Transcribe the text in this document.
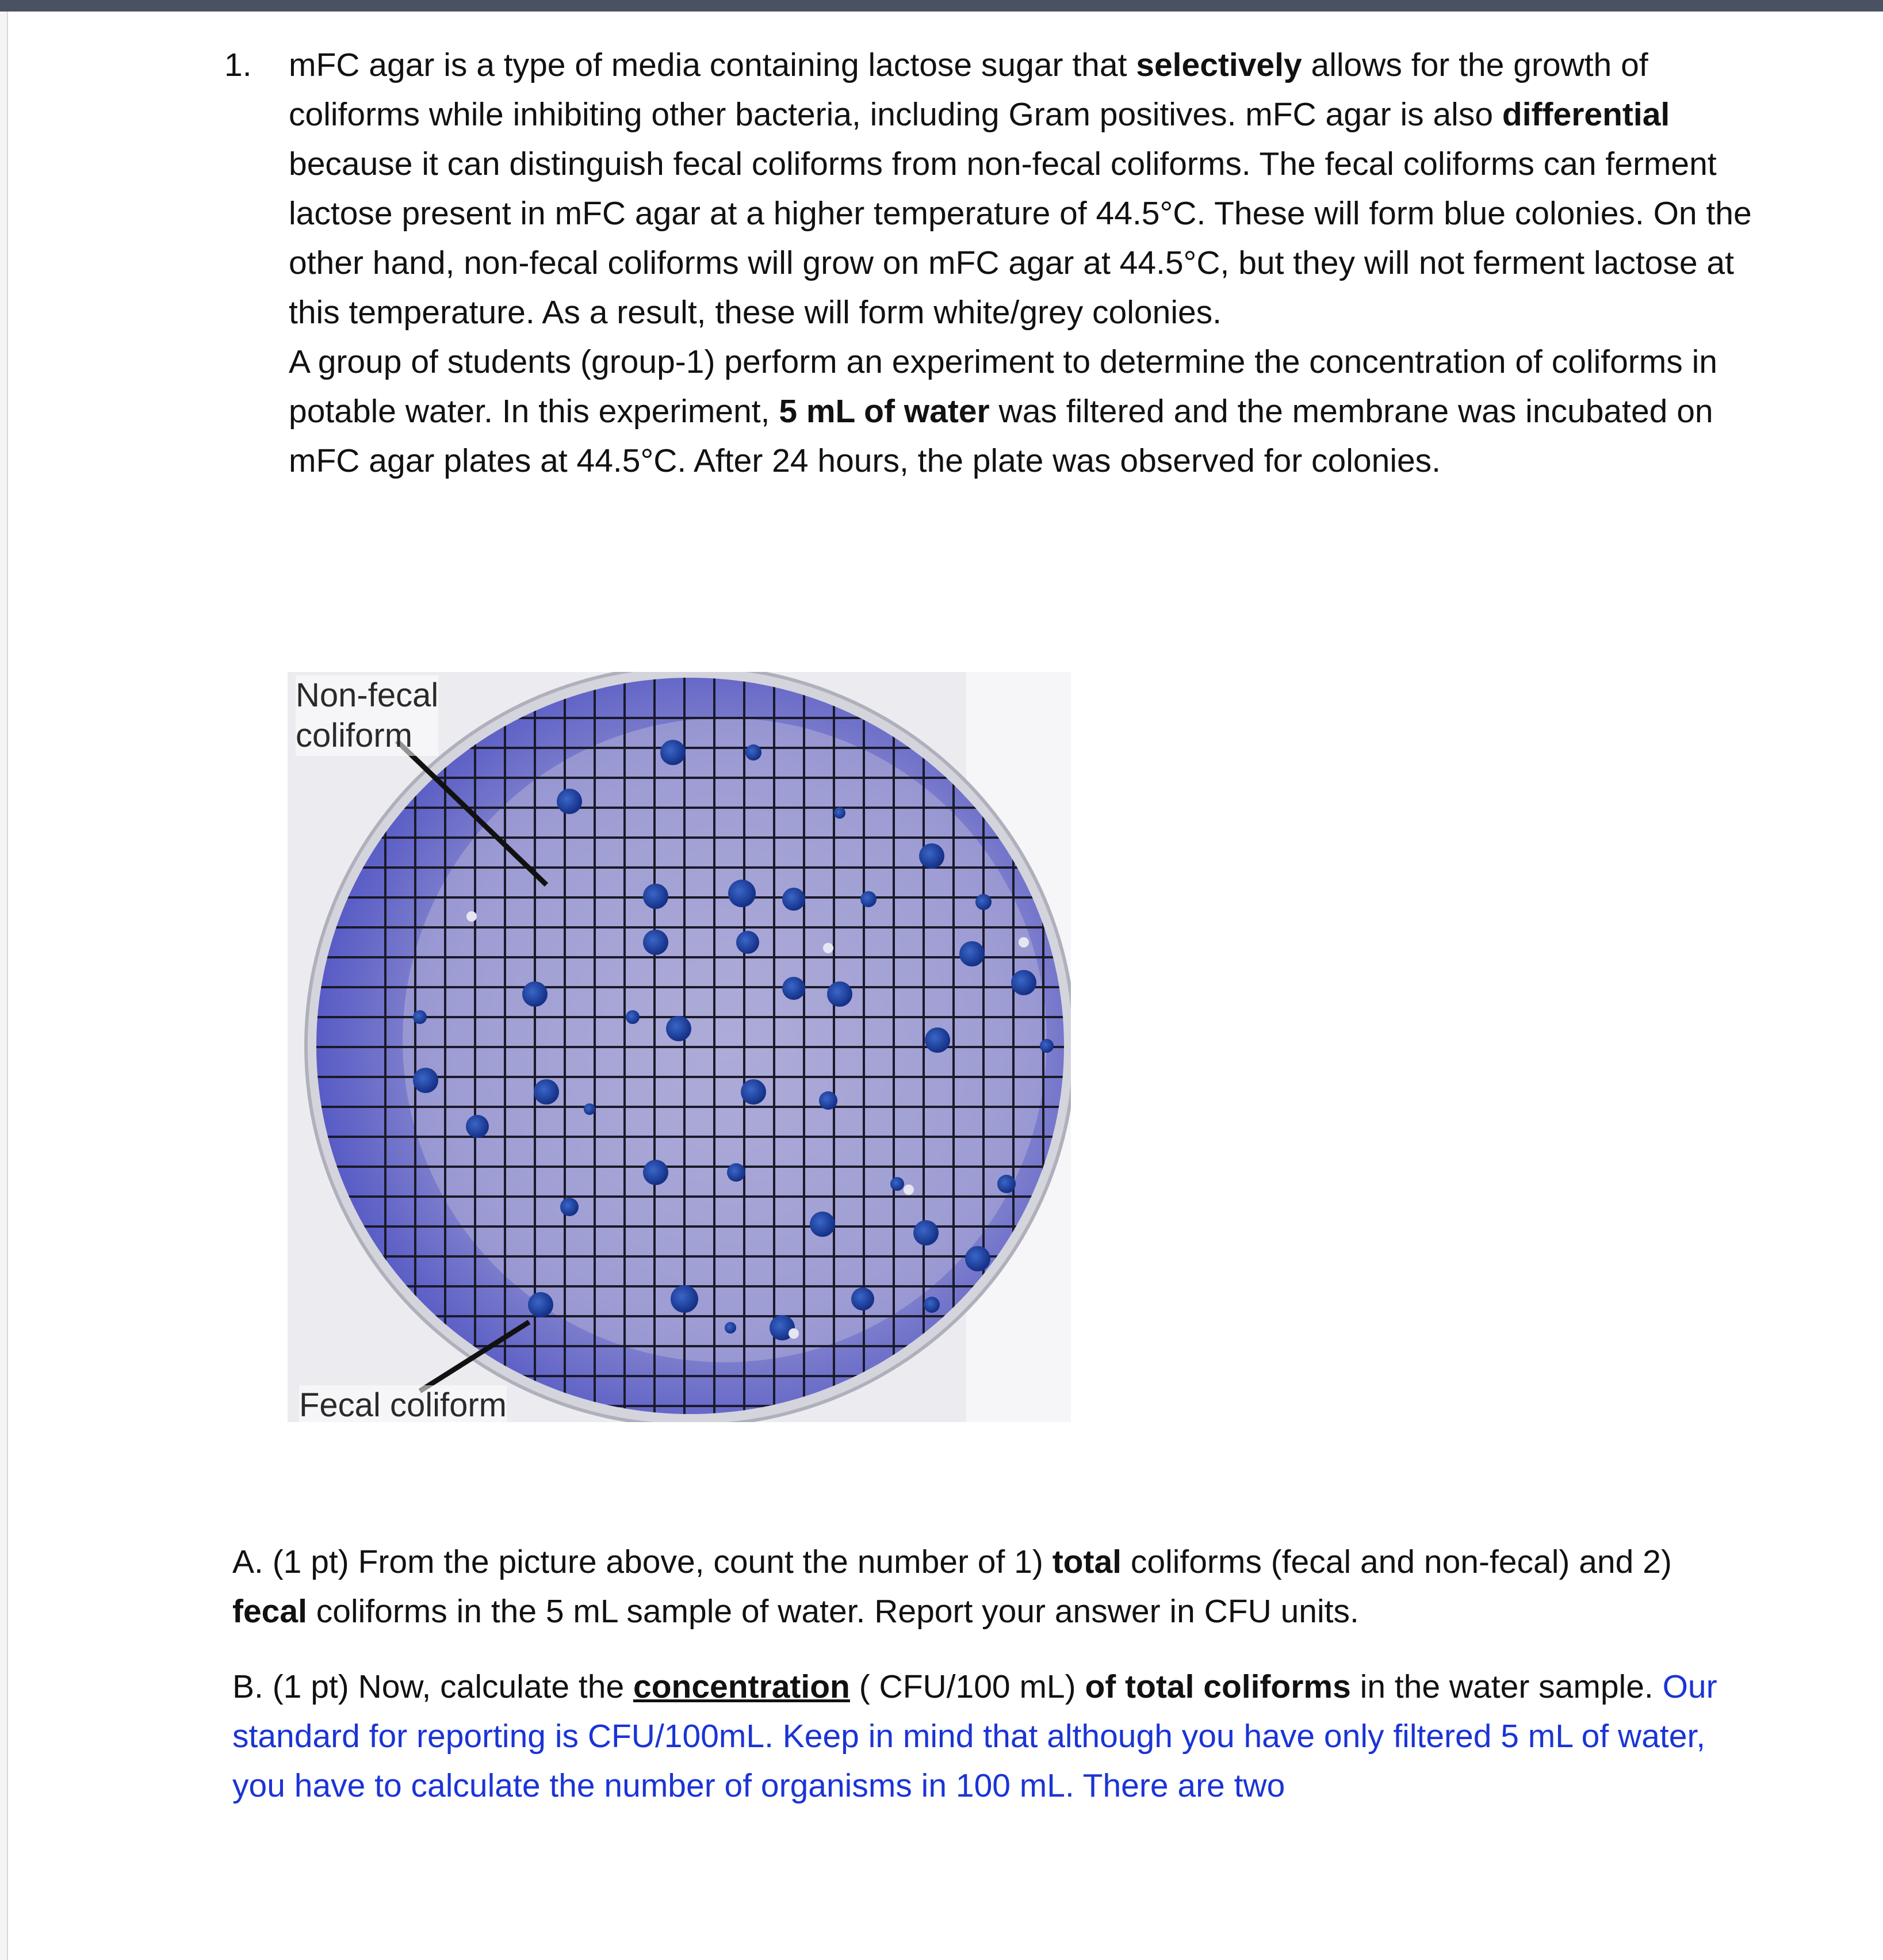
1. mFC agar is a type of media containing lactose sugar that selectively allows for the growth of coliforms while inhibiting other bacteria, including Gram positives. mFC agar is also differential because it can distinguish fecal coliforms from non-fecal coliforms. The fecal coliforms can ferment lactose present in mFC agar at a higher temperature of 44.5°C. These will form blue colonies. On the other hand, non-fecal coliforms will grow on mFC agar at 44.5°C, but they will not ferment lactose at this temperature. As a result, these will form white/grey colonies.

A group of students (group-1) perform an experiment to determine the concentration of coliforms in potable water. In this experiment, 5 mL of water was filtered and the membrane was incubated on mFC agar plates at 44.5°C. After 24 hours, the plate was observed for colonies.

Non-fecal
coliform
Fecal coliform

A. (1 pt) From the picture above, count the number of 1) total coliforms (fecal and non-fecal) and 2) fecal coliforms in the 5 mL sample of water. Report your answer in CFU units.

B. (1 pt) Now, calculate the concentration ( CFU/100 mL) of total coliforms in the water sample. Our standard for reporting is CFU/100mL. Keep in mind that although you have only filtered 5 mL of water, you have to calculate the number of organisms in 100 mL. There are two
